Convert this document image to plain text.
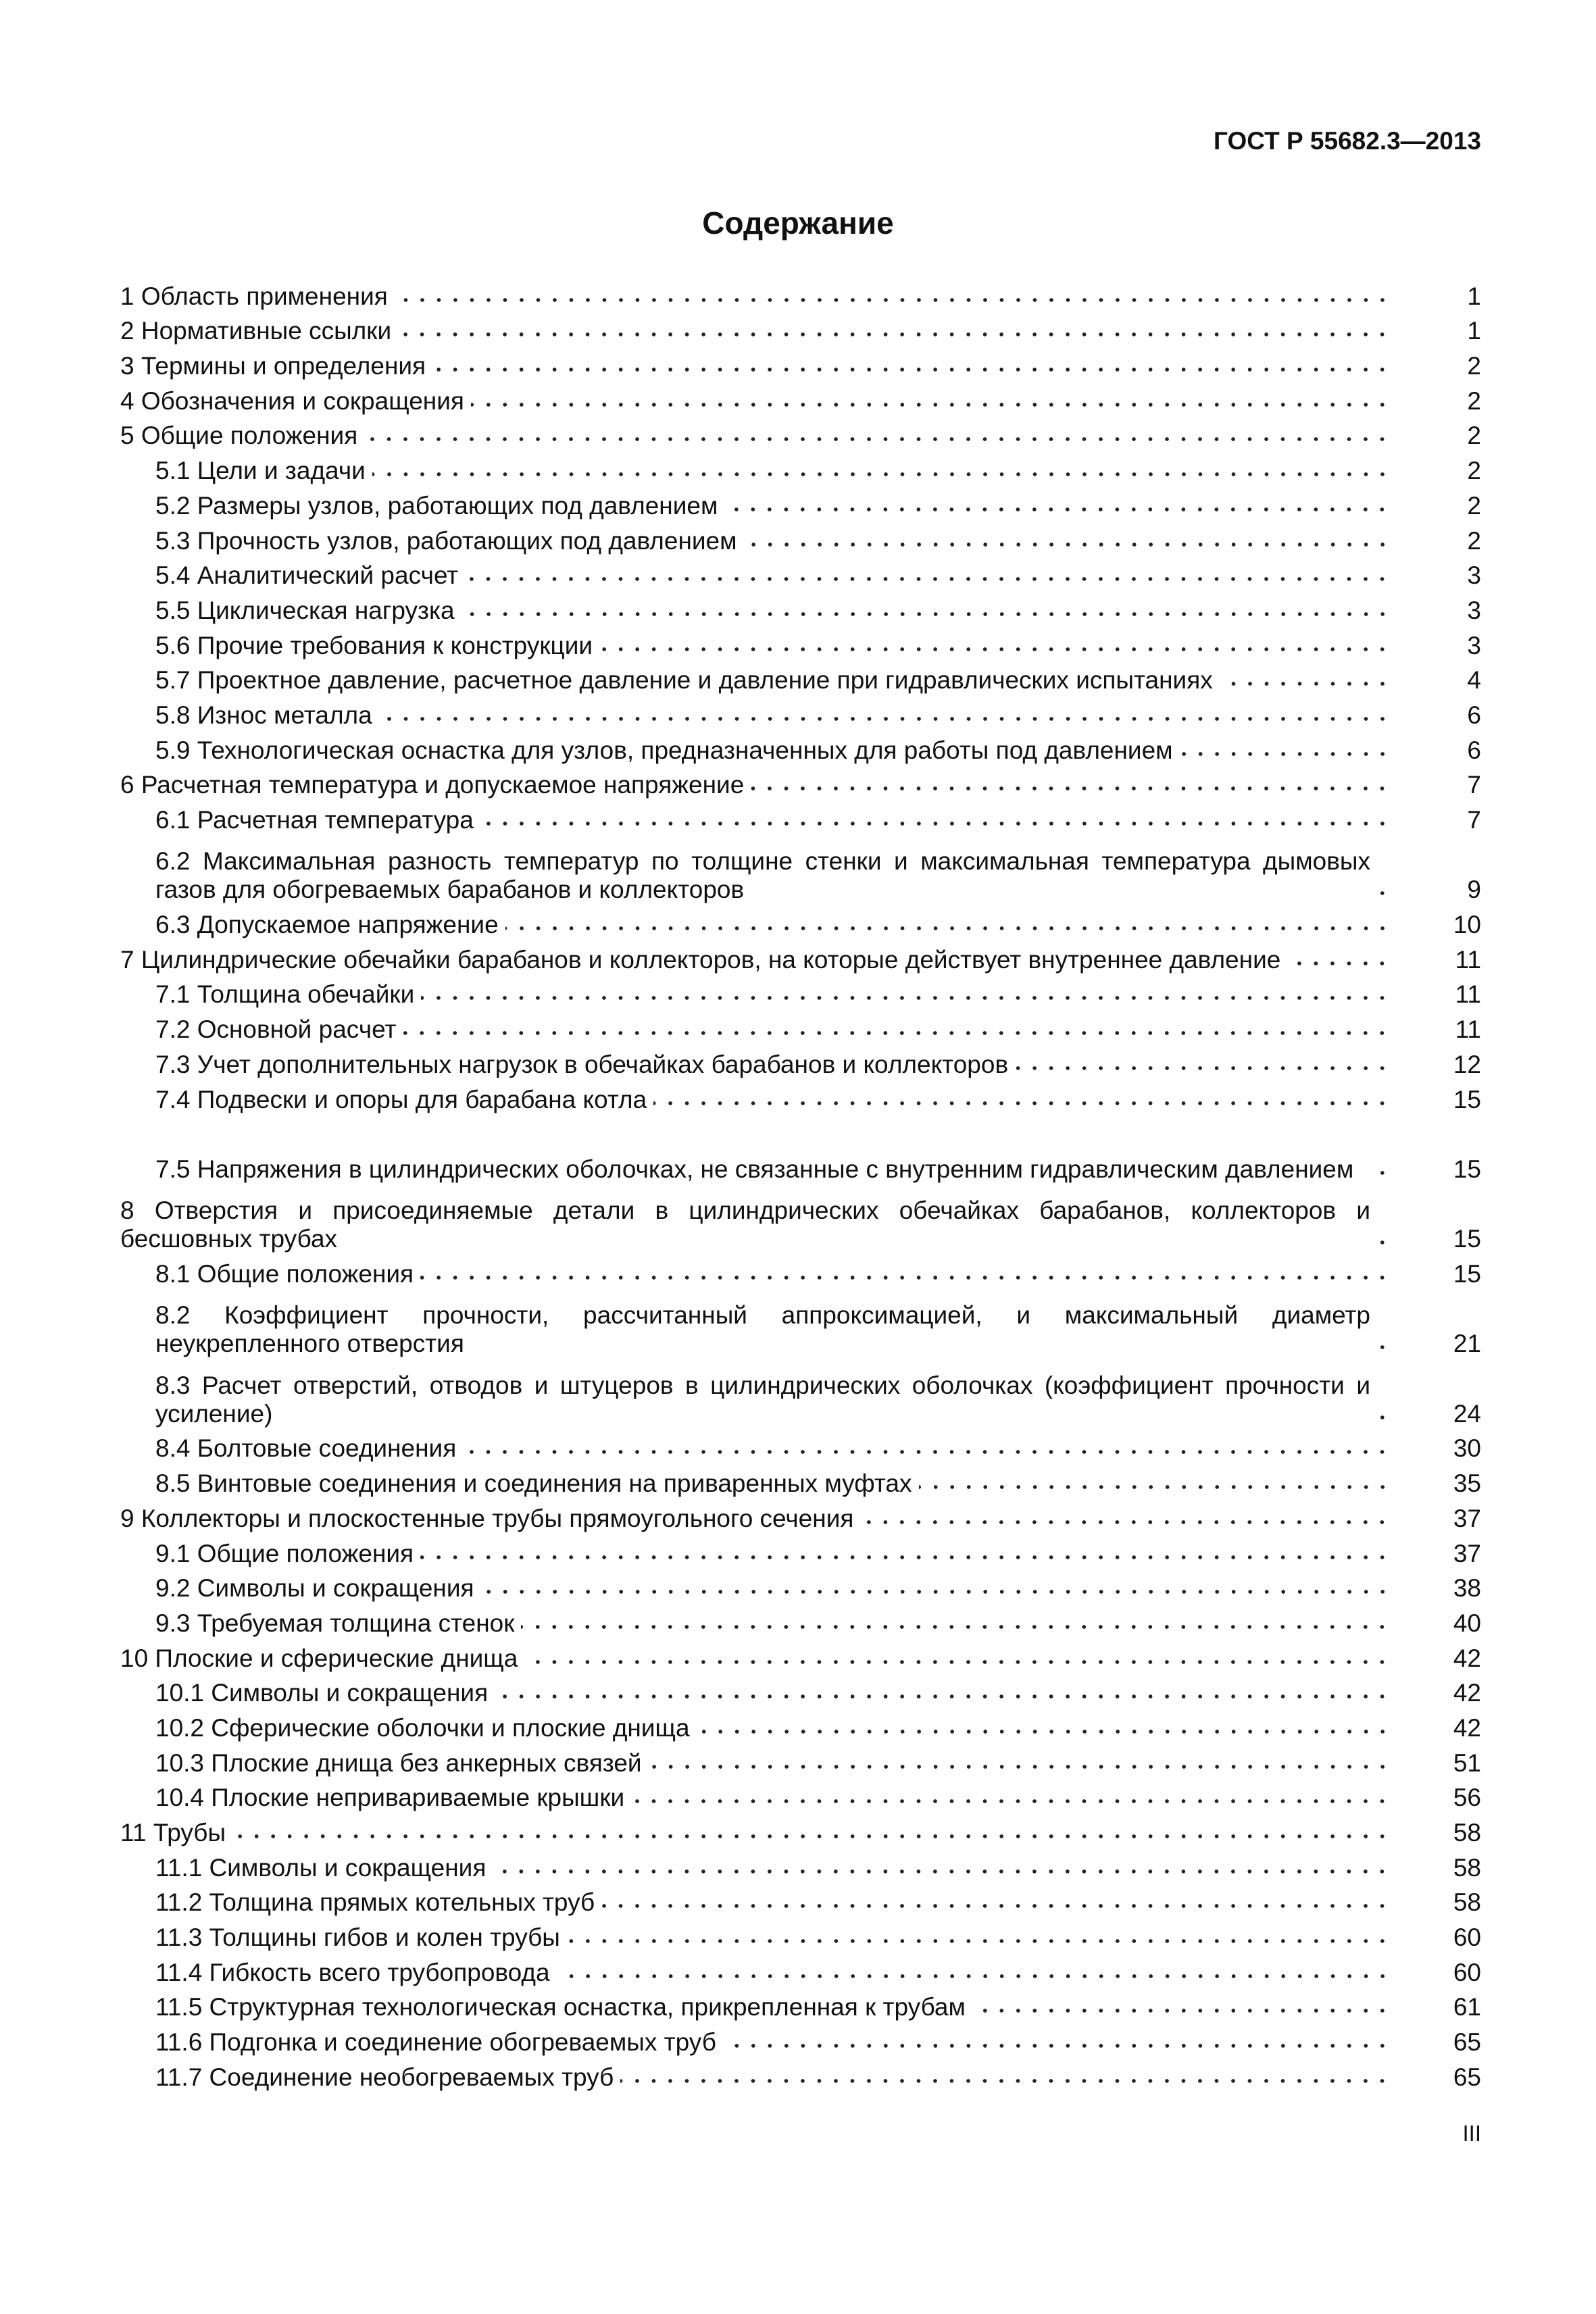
ГОСТ Р 55682.3—2013
Содержание
1 Область применения	1
2 Нормативные ссылки	1
3 Термины и определения	2
4 Обозначения и сокращения	2
5 Общие положения	2
5.1 Цели и задачи	2
5.2 Размеры узлов, работающих под давлением	2
5.3 Прочность узлов, работающих под давлением	2
5.4 Аналитический расчет	3
5.5 Циклическая нагрузка	3
5.6 Прочие требования к конструкции	3
5.7 Проектное давление, расчетное давление и давление при гидравлических испытаниях	4
5.8 Износ металла	6
5.9 Технологическая оснастка для узлов, предназначенных для работы под давлением	6
6 Расчетная температура и допускаемое напряжение	7
6.1 Расчетная температура	7
6.2 Максимальная разность температур по толщине стенки и максимальная температура дымовых газов для обогреваемых барабанов и коллекторов	9
6.3 Допускаемое напряжение	10
7 Цилиндрические обечайки барабанов и коллекторов, на которые действует внутреннее давление	11
7.1 Толщина обечайки	11
7.2 Основной расчет	11
7.3 Учет дополнительных нагрузок в обечайках барабанов и коллекторов	12
7.4 Подвески и опоры для барабана котла	15
7.5 Напряжения в цилиндрических оболочках, не связанные с внутренним гидравлическим давлением	15
8 Отверстия и присоединяемые детали в цилиндрических обечайках барабанов, коллекторов и бесшовных трубах	15
8.1 Общие положения	15
8.2 Коэффициент прочности, рассчитанный аппроксимацией, и максимальный диаметр неукрепленного отверстия	21
8.3 Расчет отверстий, отводов и штуцеров в цилиндрических оболочках (коэффициент прочности и усиление)	24
8.4 Болтовые соединения	30
8.5 Винтовые соединения и соединения на приваренных муфтах	35
9 Коллекторы и плоскостенные трубы прямоугольного сечения	37
9.1 Общие положения	37
9.2 Символы и сокращения	38
9.3 Требуемая толщина стенок	40
10 Плоские и сферические днища	42
10.1 Символы и сокращения	42
10.2 Сферические оболочки и плоские днища	42
10.3 Плоские днища без анкерных связей	51
10.4 Плоские непривариваемые крышки	56
11 Трубы	58
11.1 Символы и сокращения	58
11.2 Толщина прямых котельных труб	58
11.3 Толщины гибов и колен трубы	60
11.4 Гибкость всего трубопровода	60
11.5 Структурная технологическая оснастка, прикрепленная к трубам	61
11.6 Подгонка и соединение обогреваемых труб	65
11.7 Соединение необогреваемых труб	65
III
